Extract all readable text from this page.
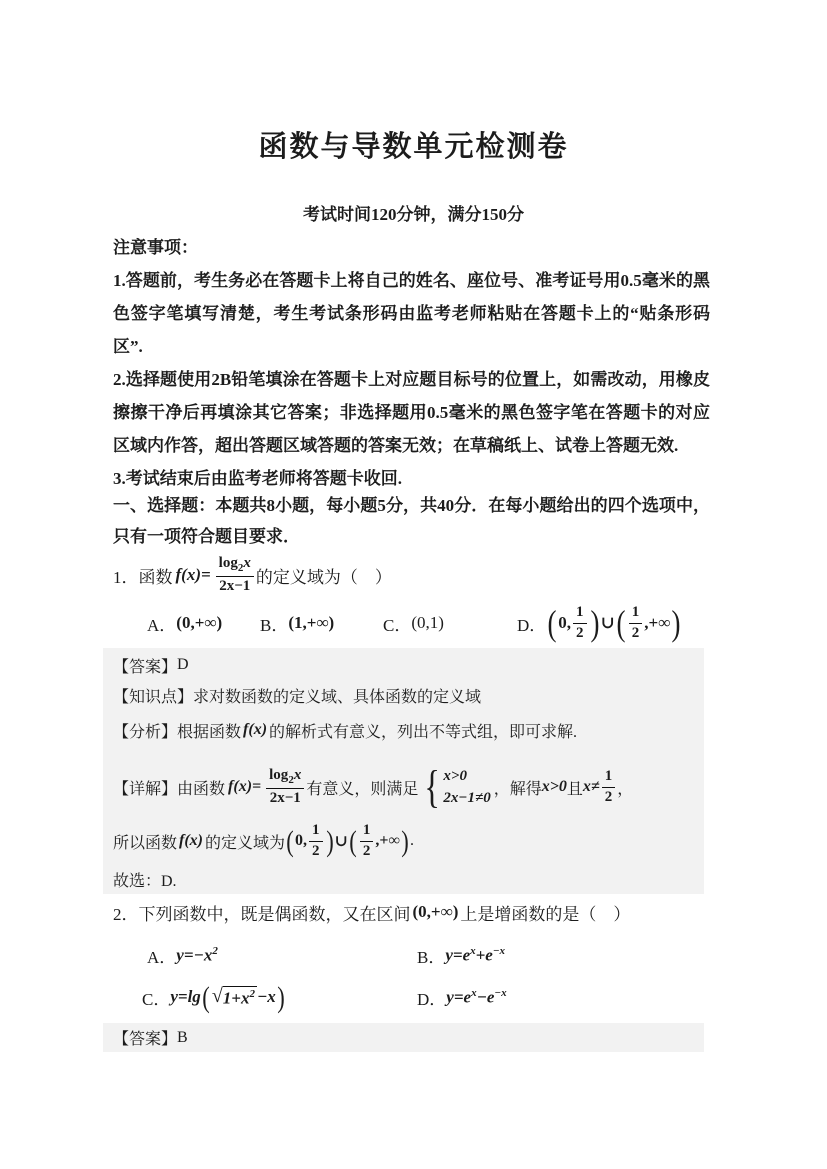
函数与导数单元检测卷
考试时间120分钟，满分150分
注意事项：

1.答题前，考生务必在答题卡上将自己的姓名、座位号、准考证号用0.5毫米的黑色签字笔填写清楚，考生考试条形码由监考老师粘贴在答题卡上的“贴条形码区”.

2.选择题使用2B铅笔填涂在答题卡上对应题目标号的位置上，如需改动，用橡皮擦擦干净后再填涂其它答案；非选择题用0.5毫米的黑色签字笔在答题卡的对应区域内作答，超出答题区域答题的答案无效；在草稿纸上、试卷上答题无效.

3.考试结束后由监考老师将答题卡收回.

一、选择题：本题共8小题，每小题5分，共40分．在每小题给出的四个选项中，只有一项符合题目要求．
1．函数 $f(x)= \frac{\log_2x}{2x-1}$ 的定义域为（　）
A． (0,+∞) B． (1,+∞)	C． (0,1)	D． ( 0,
1
2 ) ∪ ( 1
2
,+∞ )
【答案】 D
【知识点】 求对数函数的定义域、具体函数的定义域
【分析】 根据函数 f(x) 的解析式有意义，列出不等式组，即可求解.
【详解】 由函数 $f(x)= \frac{\log_2x}{2x-1}$ 有意义，则满足 { x>0
2x−1≠0
，解得 x>0 且 x≠
1
2 ，
所以函数 f(x) 的定义域为 ( 0,
1
2 ) ∪ ( 1
2
,+∞ ) .
故选：D.
2．下列函数中，既是偶函数，又在区间 (0,+∞) 上是增函数的是（　）
A． $y=-x^2$	B． $y=e^x+e^{-x}$
C． y=lg ( √ $1+x^2 -x$ )	D． $y=e^x-e^{-x}$
【答案】 B
